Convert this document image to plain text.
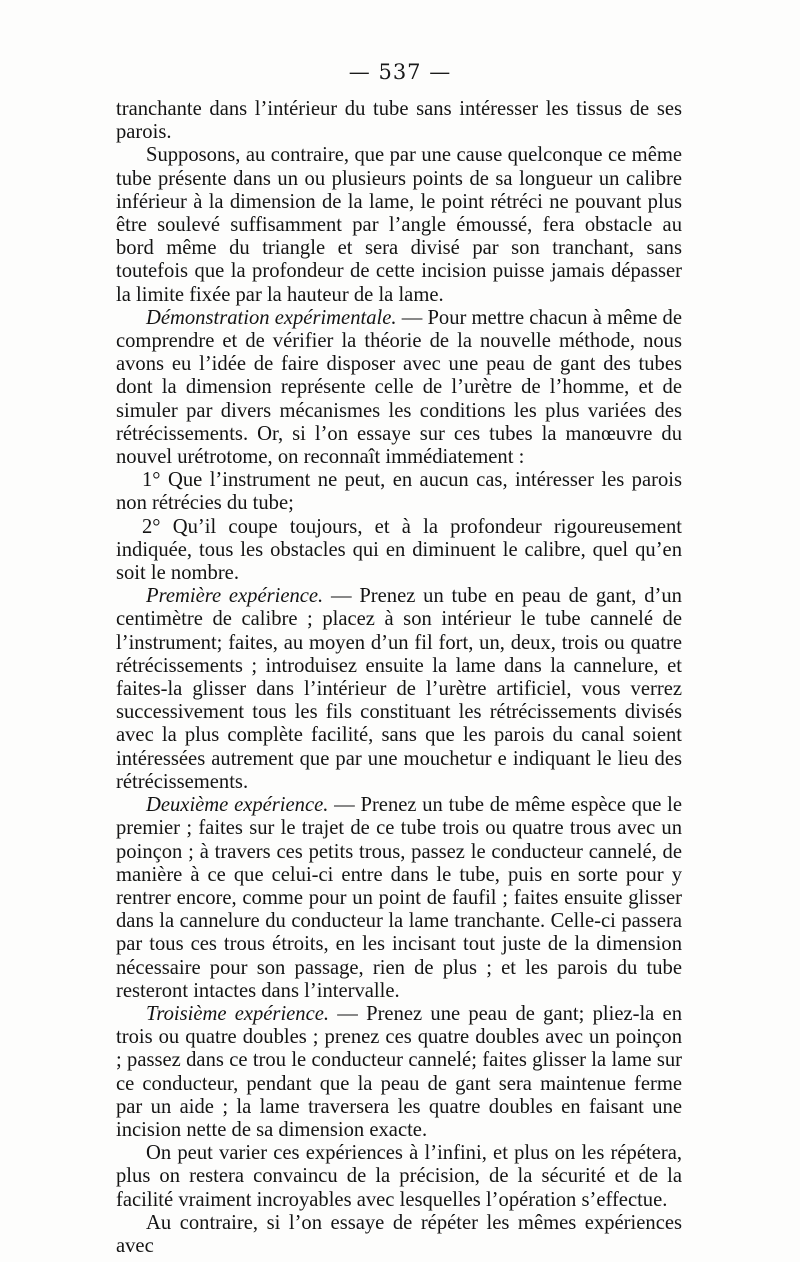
— 537 —

tranchante dans l’intérieur du tube sans intéresser les tissus de ses parois.

Supposons, au contraire, que par une cause quelconque ce même tube présente dans un ou plusieurs points de sa longueur un calibre inférieur à la dimension de la lame, le point rétréci ne pouvant plus être soulevé suffisamment par l’angle émoussé, fera obstacle au bord même du triangle et sera divisé par son tranchant, sans toutefois que la profondeur de cette incision puisse jamais dépasser la limite fixée par la hauteur de la lame.

Démonstration expérimentale. — Pour mettre chacun à même de comprendre et de vérifier la théorie de la nouvelle méthode, nous avons eu l’idée de faire disposer avec une peau de gant des tubes dont la dimension représente celle de l’urètre de l’homme, et de simuler par divers mécanismes les conditions les plus variées des rétrécissements. Or, si l’on essaye sur ces tubes la manœuvre du nouvel urétrotome, on reconnaît immédiatement :

1° Que l’instrument ne peut, en aucun cas, intéresser les parois non rétrécies du tube;

2° Qu’il coupe toujours, et à la profondeur rigoureusement indiquée, tous les obstacles qui en diminuent le calibre, quel qu’en soit le nombre.

Première expérience. — Prenez un tube en peau de gant, d’un centimètre de calibre ; placez à son intérieur le tube cannelé de l’instrument; faites, au moyen d’un fil fort, un, deux, trois ou quatre rétrécissements ; introduisez ensuite la lame dans la cannelure, et faites-la glisser dans l’intérieur de l’urètre artificiel, vous verrez successivement tous les fils constituant les rétrécissements divisés avec la plus complète facilité, sans que les parois du canal soient intéressées autrement que par une mouchetur e indiquant le lieu des rétrécissements.

Deuxième expérience. — Prenez un tube de même espèce que le premier ; faites sur le trajet de ce tube trois ou quatre trous avec un poinçon ; à travers ces petits trous, passez le conducteur cannelé, de manière à ce que celui-ci entre dans le tube, puis en sorte pour y rentrer encore, comme pour un point de faufil ; faites ensuite glisser dans la cannelure du conducteur la lame tranchante. Celle-ci passera par tous ces trous étroits, en les incisant tout juste de la dimension nécessaire pour son passage, rien de plus ; et les parois du tube resteront intactes dans l’intervalle.

Troisième expérience. — Prenez une peau de gant; pliez-la en trois ou quatre doubles ; prenez ces quatre doubles avec un poinçon ; passez dans ce trou le conducteur cannelé; faites glisser la lame sur ce conducteur, pendant que la peau de gant sera maintenue ferme par un aide ; la lame traversera les quatre doubles en faisant une incision nette de sa dimension exacte.

On peut varier ces expériences à l’infini, et plus on les répétera, plus on restera convaincu de la précision, de la sécurité et de la facilité vraiment incroyables avec lesquelles l’opération s’effectue.

Au contraire, si l’on essaye de répéter les mêmes expériences avec
